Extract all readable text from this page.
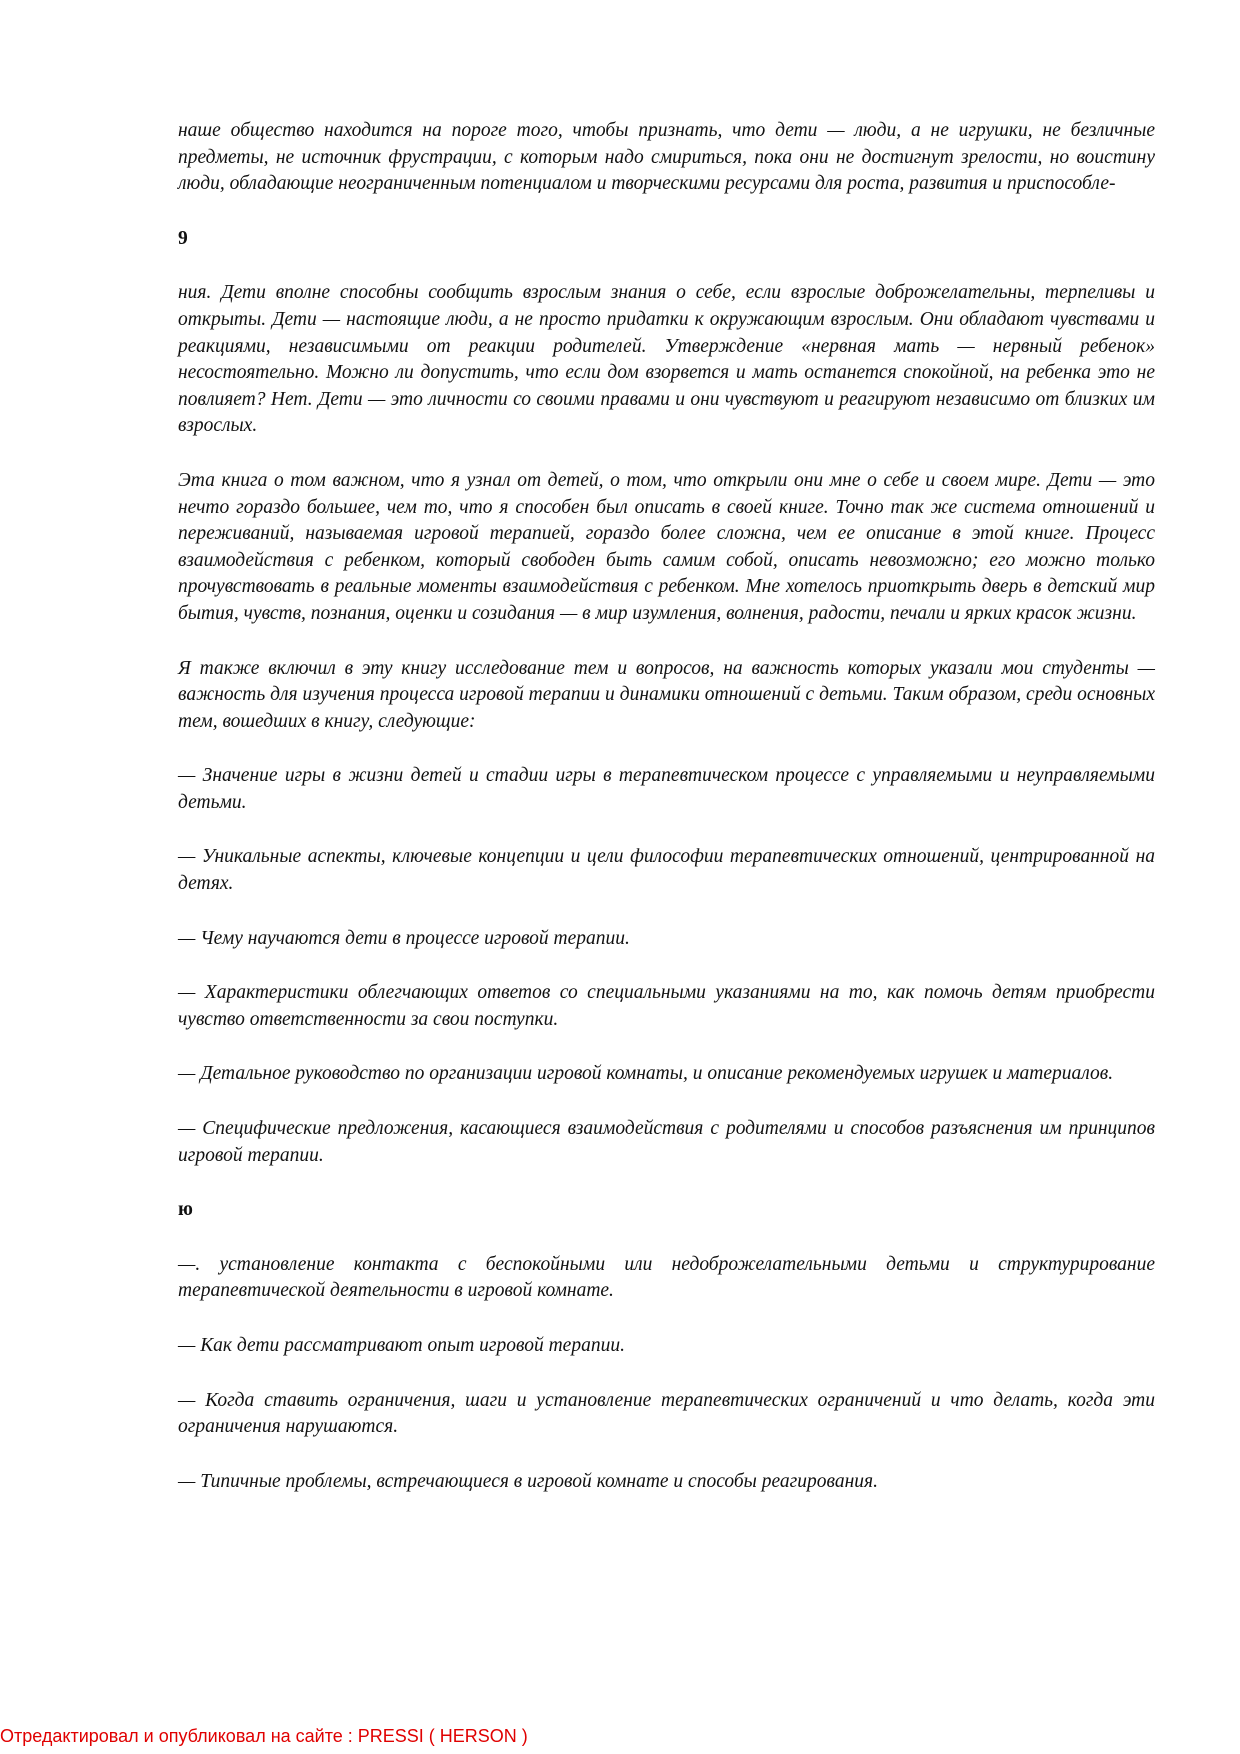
наше общество находится на пороге того, чтобы признать, что дети — люди, а не игрушки, не безличные предметы, не источник фрустрации, с которым надо смириться, пока они не достигнут зрелости, но воистину люди, обладающие неограниченным потенциалом и творческими ресурсами для роста, развития и приспособле-

9

ния. Дети вполне способны сообщить взрослым знания о себе, если взрослые доброжелательны, терпеливы и открыты. Дети — настоящие люди, а не просто придатки к окружающим взрослым. Они обладают чувствами и реакциями, независимыми от реакции родителей. Утверждение «нервная мать — нервный ребенок» несостоятельно. Можно ли допустить, что если дом взорвется и мать останется спокойной, на ребенка это не повлияет? Нет. Дети — это личности со своими правами и они чувствуют и реагируют независимо от близких им взрослых.

Эта книга о том важном, что я узнал от детей, о том, что открыли они мне о себе и своем мире. Дети — это нечто гораздо большее, чем то, что я способен был описать в своей книге. Точно так же система отношений и переживаний, называемая игровой терапией, гораздо более сложна, чем ее описание в этой книге. Процесс взаимодействия с ребенком, который свободен быть самим собой, описать невозможно; его можно только прочувствовать в реальные моменты взаимодействия с ребенком. Мне хотелось приоткрыть дверь в детский мир бытия, чувств, познания, оценки и созидания — в мир изумления, волнения, радости, печали и ярких красок жизни.

Я также включил в эту книгу исследование тем и вопросов, на важность которых указали мои студенты — важность для изучения процесса игровой терапии и динамики отношений с детьми. Таким образом, среди основных тем, вошедших в книгу, следующие:

— Значение игры в жизни детей и стадии игры в терапевтическом процессе с управляемыми и неуправляемыми детьми.

— Уникальные аспекты, ключевые концепции и цели философии терапевтических отношений, центрированной на детях.

— Чему научаются дети в процессе игровой терапии.

— Характеристики облегчающих ответов со специальными указаниями на то, как помочь детям приобрести чувство ответственности за свои поступки.

— Детальное руководство по организации игровой комнаты, и описание рекомендуемых игрушек и материалов.

— Специфические предложения, касающиеся взаимодействия с родителями и способов разъяснения им принципов игровой терапии.

ю

—. установление контакта с беспокойными или недоброжелательными детьми и структурирование терапевтической деятельности в игровой комнате.

— Как дети рассматривают опыт игровой терапии.

— Когда ставить ограничения, шаги и установление терапевтических ограничений и что делать, когда эти ограничения нарушаются.

— Типичные проблемы, встречающиеся в игровой комнате и способы реагирования.

Отредактировал и опубликовал на сайте : PRESSI ( HERSON )
